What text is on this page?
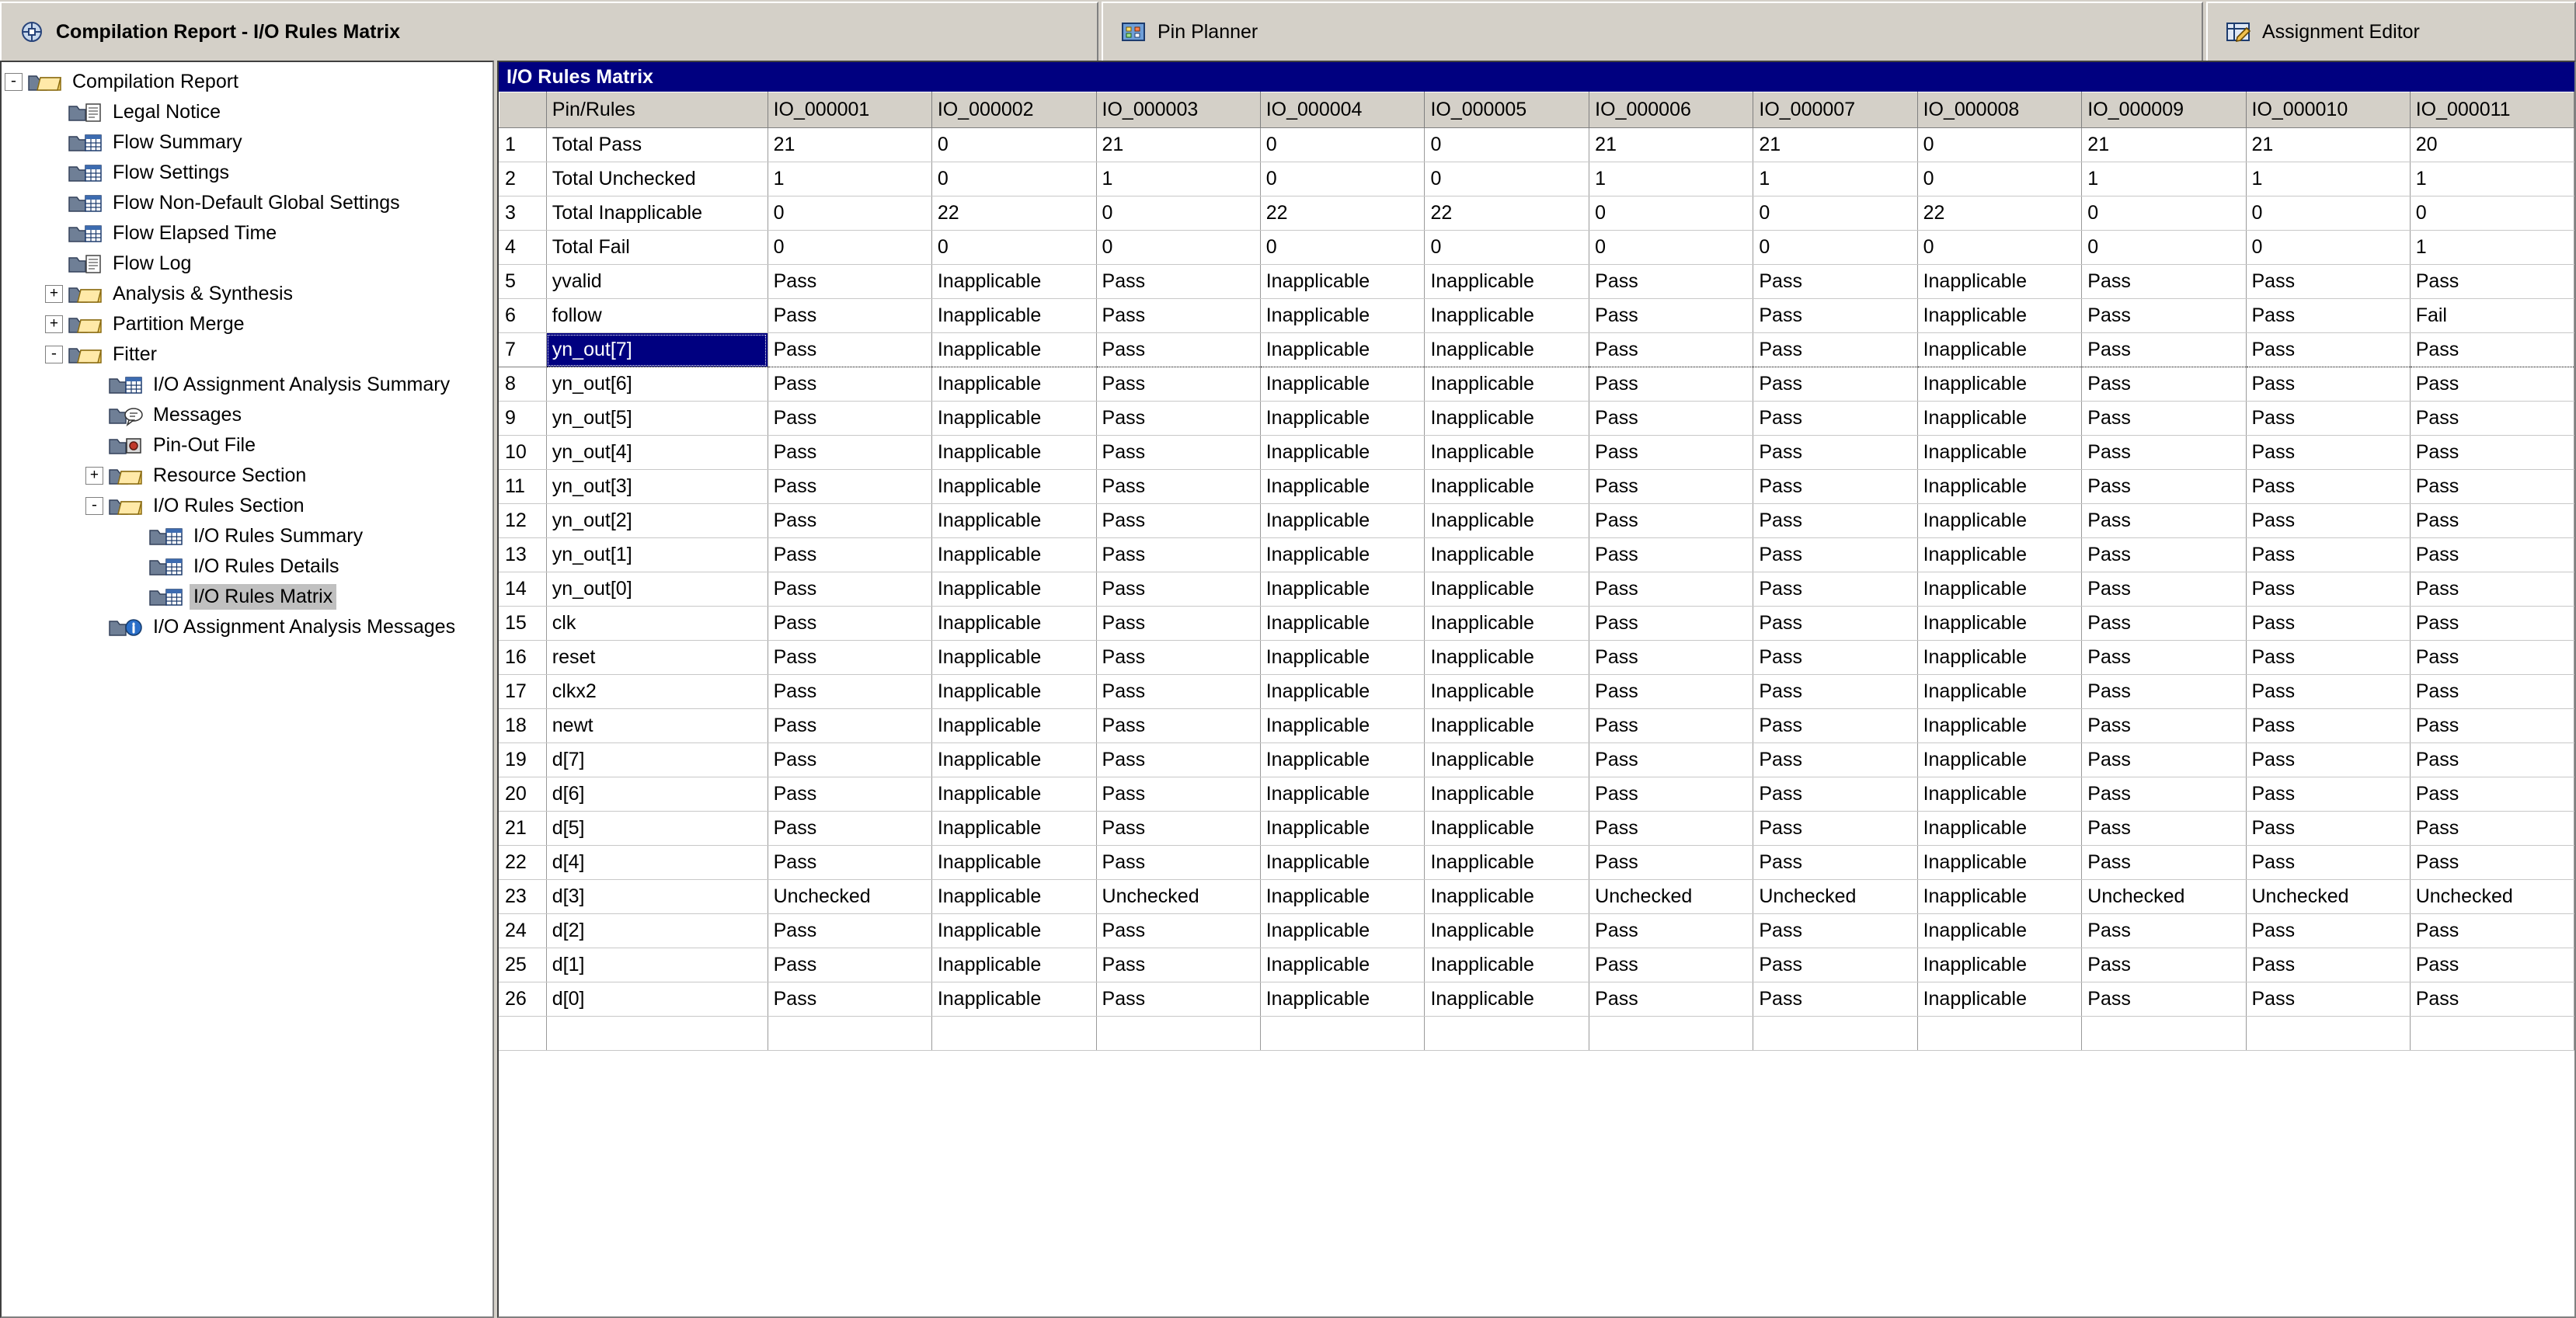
Compilation Report - I/O Rules Matrix	Pin Planner	Assignment Editor
-	Compilation Report
Legal Notice
Flow Summary
Flow Settings
Flow Non-Default Global Settings
Flow Elapsed Time
Flow Log
+	Analysis & Synthesis
+	Partition Merge
-	Fitter
I/O Assignment Analysis Summary
Messages
Pin-Out File
+	Resource Section
-	I/O Rules Section
I/O Rules Summary
I/O Rules Details
I/O Rules Matrix
I/O Assignment Analysis Messages
I/O Rules Matrix
	Pin/Rules	IO_000001	IO_000002	IO_000003	IO_000004	IO_000005	IO_000006	IO_000007	IO_000008	IO_000009	IO_000010	IO_000011
1	Total Pass	21	0	21	0	0	21	21	0	21	21	20
2	Total Unchecked	1	0	1	0	0	1	1	0	1	1	1
3	Total Inapplicable	0	22	0	22	22	0	0	22	0	0	0
4	Total Fail	0	0	0	0	0	0	0	0	0	0	1
5	yvalid	Pass	Inapplicable	Pass	Inapplicable	Inapplicable	Pass	Pass	Inapplicable	Pass	Pass	Pass
6	follow	Pass	Inapplicable	Pass	Inapplicable	Inapplicable	Pass	Pass	Inapplicable	Pass	Pass	Fail
7	yn_out[7]	Pass	Inapplicable	Pass	Inapplicable	Inapplicable	Pass	Pass	Inapplicable	Pass	Pass	Pass
8	yn_out[6]	Pass	Inapplicable	Pass	Inapplicable	Inapplicable	Pass	Pass	Inapplicable	Pass	Pass	Pass
9	yn_out[5]	Pass	Inapplicable	Pass	Inapplicable	Inapplicable	Pass	Pass	Inapplicable	Pass	Pass	Pass
10	yn_out[4]	Pass	Inapplicable	Pass	Inapplicable	Inapplicable	Pass	Pass	Inapplicable	Pass	Pass	Pass
11	yn_out[3]	Pass	Inapplicable	Pass	Inapplicable	Inapplicable	Pass	Pass	Inapplicable	Pass	Pass	Pass
12	yn_out[2]	Pass	Inapplicable	Pass	Inapplicable	Inapplicable	Pass	Pass	Inapplicable	Pass	Pass	Pass
13	yn_out[1]	Pass	Inapplicable	Pass	Inapplicable	Inapplicable	Pass	Pass	Inapplicable	Pass	Pass	Pass
14	yn_out[0]	Pass	Inapplicable	Pass	Inapplicable	Inapplicable	Pass	Pass	Inapplicable	Pass	Pass	Pass
15	clk	Pass	Inapplicable	Pass	Inapplicable	Inapplicable	Pass	Pass	Inapplicable	Pass	Pass	Pass
16	reset	Pass	Inapplicable	Pass	Inapplicable	Inapplicable	Pass	Pass	Inapplicable	Pass	Pass	Pass
17	clkx2	Pass	Inapplicable	Pass	Inapplicable	Inapplicable	Pass	Pass	Inapplicable	Pass	Pass	Pass
18	newt	Pass	Inapplicable	Pass	Inapplicable	Inapplicable	Pass	Pass	Inapplicable	Pass	Pass	Pass
19	d[7]	Pass	Inapplicable	Pass	Inapplicable	Inapplicable	Pass	Pass	Inapplicable	Pass	Pass	Pass
20	d[6]	Pass	Inapplicable	Pass	Inapplicable	Inapplicable	Pass	Pass	Inapplicable	Pass	Pass	Pass
21	d[5]	Pass	Inapplicable	Pass	Inapplicable	Inapplicable	Pass	Pass	Inapplicable	Pass	Pass	Pass
22	d[4]	Pass	Inapplicable	Pass	Inapplicable	Inapplicable	Pass	Pass	Inapplicable	Pass	Pass	Pass
23	d[3]	Unchecked	Inapplicable	Unchecked	Inapplicable	Inapplicable	Unchecked	Unchecked	Inapplicable	Unchecked	Unchecked	Unchecked
24	d[2]	Pass	Inapplicable	Pass	Inapplicable	Inapplicable	Pass	Pass	Inapplicable	Pass	Pass	Pass
25	d[1]	Pass	Inapplicable	Pass	Inapplicable	Inapplicable	Pass	Pass	Inapplicable	Pass	Pass	Pass
26	d[0]	Pass	Inapplicable	Pass	Inapplicable	Inapplicable	Pass	Pass	Inapplicable	Pass	Pass	Pass
